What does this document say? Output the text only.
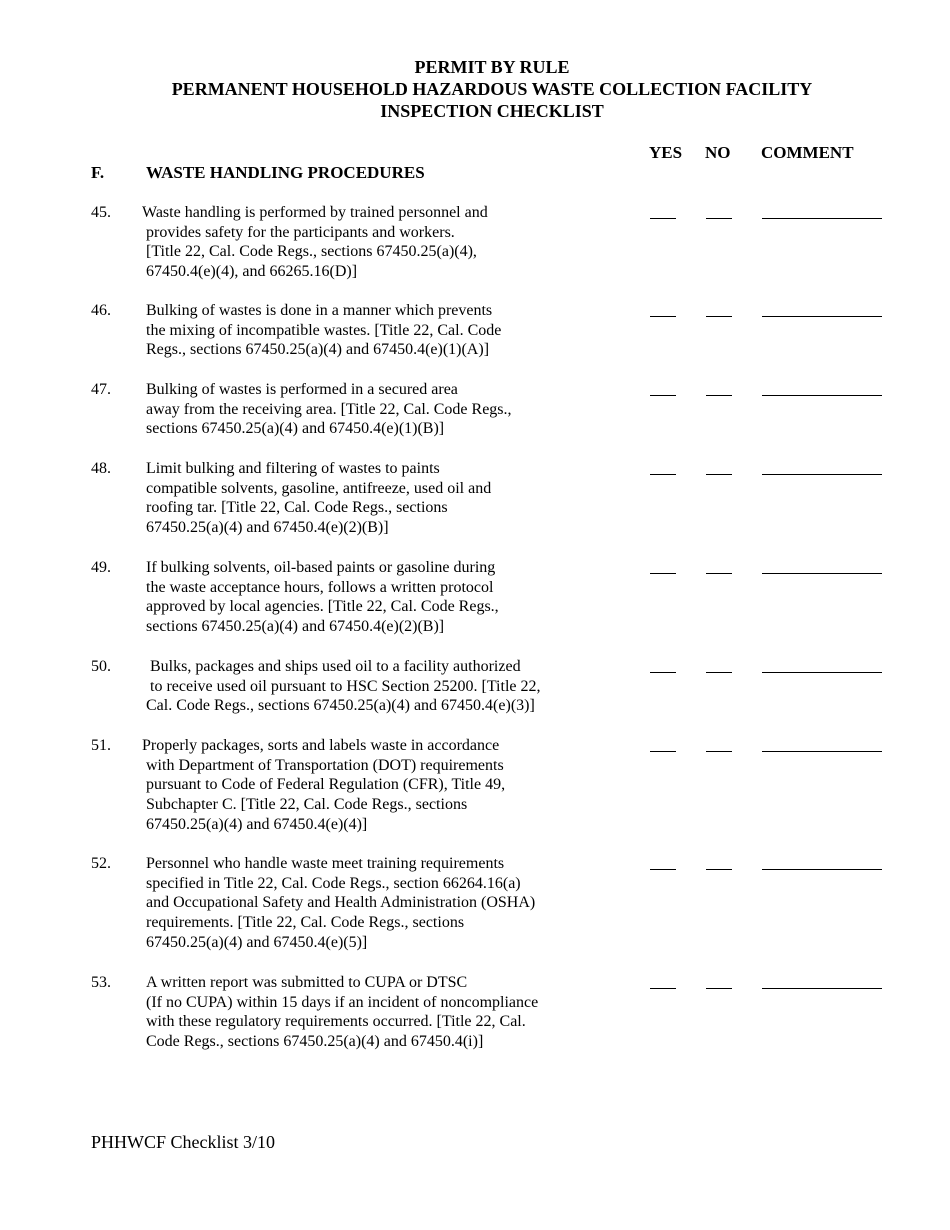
PERMIT BY RULE
PERMANENT HOUSEHOLD HAZARDOUS WASTE COLLECTION FACILITY
INSPECTION CHECKLIST
YES NO COMMENT
F. WASTE HANDLING PROCEDURES
45. Waste handling is performed by trained personnel and
provides safety for the participants and workers.
[Title 22, Cal. Code Regs., sections 67450.25(a)(4),
67450.4(e)(4), and 66265.16(D)]
46. Bulking of wastes is done in a manner which prevents
the mixing of incompatible wastes. [Title 22, Cal. Code
Regs., sections 67450.25(a)(4) and 67450.4(e)(1)(A)]
47. Bulking of wastes is performed in a secured area
away from the receiving area. [Title 22, Cal. Code Regs.,
sections 67450.25(a)(4) and 67450.4(e)(1)(B)]
48. Limit bulking and filtering of wastes to paints
compatible solvents, gasoline, antifreeze, used oil and
roofing tar. [Title 22, Cal. Code Regs., sections
67450.25(a)(4) and 67450.4(e)(2)(B)]
49. If bulking solvents, oil-based paints or gasoline during
the waste acceptance hours, follows a written protocol
approved by local agencies. [Title 22, Cal. Code Regs.,
sections 67450.25(a)(4) and 67450.4(e)(2)(B)]
50. Bulks, packages and ships used oil to a facility authorized
to receive used oil pursuant to HSC Section 25200. [Title 22,
Cal. Code Regs., sections 67450.25(a)(4) and 67450.4(e)(3)]
51. Properly packages, sorts and labels waste in accordance
with Department of Transportation (DOT) requirements
pursuant to Code of Federal Regulation (CFR), Title 49,
Subchapter C. [Title 22, Cal. Code Regs., sections
67450.25(a)(4) and 67450.4(e)(4)]
52. Personnel who handle waste meet training requirements
specified in Title 22, Cal. Code Regs., section 66264.16(a)
and Occupational Safety and Health Administration (OSHA)
requirements. [Title 22, Cal. Code Regs., sections
67450.25(a)(4) and 67450.4(e)(5)]
53. A written report was submitted to CUPA or DTSC
(If no CUPA) within 15 days if an incident of noncompliance
with these regulatory requirements occurred. [Title 22, Cal.
Code Regs., sections 67450.25(a)(4) and 67450.4(i)]
PHHWCF Checklist 3/10
